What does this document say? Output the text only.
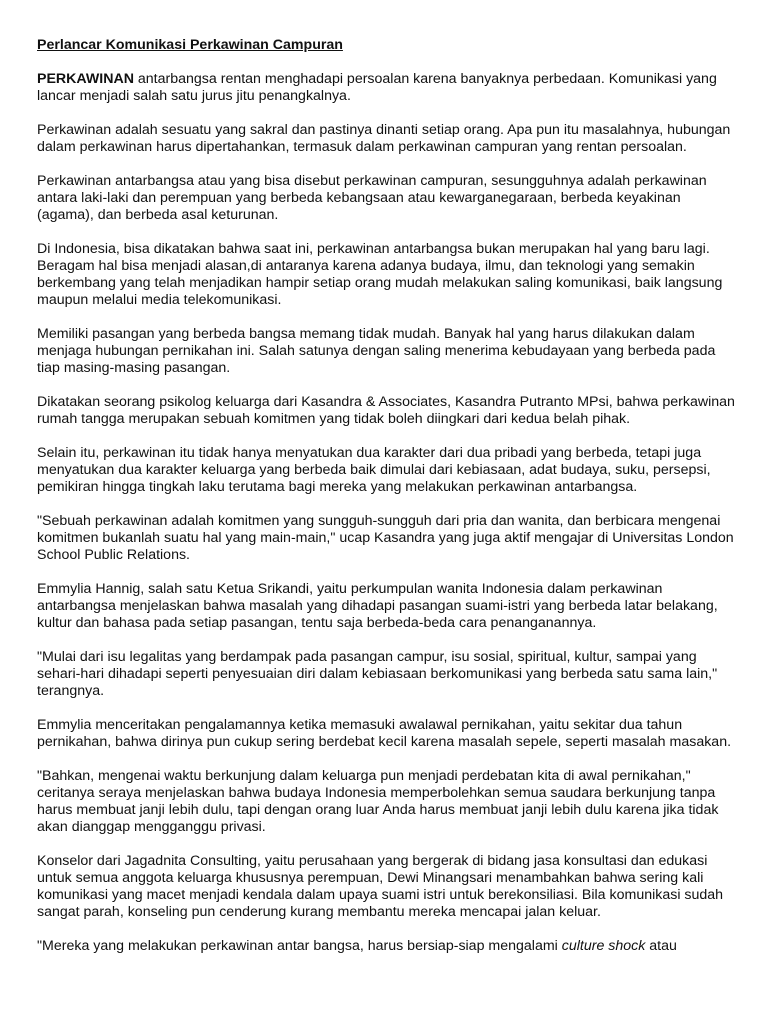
Perlancar Komunikasi Perkawinan Campuran

PERKAWINAN antarbangsa rentan menghadapi persoalan karena banyaknya perbedaan. Komunikasi yang lancar menjadi salah satu jurus jitu penangkalnya.

Perkawinan adalah sesuatu yang sakral dan pastinya dinanti setiap orang. Apa pun itu masalahnya, hubungan dalam perkawinan harus dipertahankan, termasuk dalam perkawinan campuran yang rentan persoalan.

Perkawinan antarbangsa atau yang bisa disebut perkawinan campuran, sesungguhnya adalah perkawinan antara laki-laki dan perempuan yang berbeda kebangsaan atau kewarganegaraan, berbeda keyakinan (agama), dan berbeda asal keturunan.

Di Indonesia, bisa dikatakan bahwa saat ini, perkawinan antarbangsa bukan merupakan hal yang baru lagi. Beragam hal bisa menjadi alasan,di antaranya karena adanya budaya, ilmu, dan teknologi yang semakin berkembang yang telah menjadikan hampir setiap orang mudah melakukan saling komunikasi, baik langsung maupun melalui media telekomunikasi.

Memiliki pasangan yang berbeda bangsa memang tidak mudah. Banyak hal yang harus dilakukan dalam menjaga hubungan pernikahan ini. Salah satunya dengan saling menerima kebudayaan yang berbeda pada tiap masing-masing pasangan.

Dikatakan seorang psikolog keluarga dari Kasandra & Associates, Kasandra Putranto MPsi, bahwa perkawinan rumah tangga merupakan sebuah komitmen yang tidak boleh diingkari dari kedua belah pihak.

Selain itu, perkawinan itu tidak hanya menyatukan dua karakter dari dua pribadi yang berbeda, tetapi juga menyatukan dua karakter keluarga yang berbeda baik dimulai dari kebiasaan, adat budaya, suku, persepsi, pemikiran hingga tingkah laku terutama bagi mereka yang melakukan perkawinan antarbangsa.

"Sebuah perkawinan adalah komitmen yang sungguh-sungguh dari pria dan wanita, dan berbicara mengenai komitmen bukanlah suatu hal yang main-main," ucap Kasandra yang juga aktif mengajar di Universitas London School Public Relations.

Emmylia Hannig, salah satu Ketua Srikandi, yaitu perkumpulan wanita Indonesia dalam perkawinan antarbangsa menjelaskan bahwa masalah yang dihadapi pasangan suami-istri yang berbeda latar belakang, kultur dan bahasa pada setiap pasangan, tentu saja berbeda-beda cara penanganannya.

"Mulai dari isu legalitas yang berdampak pada pasangan campur, isu sosial, spiritual, kultur, sampai yang sehari-hari dihadapi seperti penyesuaian diri dalam kebiasaan berkomunikasi yang berbeda satu sama lain," terangnya.

Emmylia menceritakan pengalamannya ketika memasuki awalawal pernikahan, yaitu sekitar dua tahun pernikahan, bahwa dirinya pun cukup sering berdebat kecil karena masalah sepele, seperti masalah masakan.

"Bahkan, mengenai waktu berkunjung dalam keluarga pun menjadi perdebatan kita di awal pernikahan," ceritanya seraya menjelaskan bahwa budaya Indonesia memperbolehkan semua saudara berkunjung tanpa harus membuat janji lebih dulu, tapi dengan orang luar Anda harus membuat janji lebih dulu karena jika tidak akan dianggap mengganggu privasi.

Konselor dari Jagadnita Consulting, yaitu perusahaan yang bergerak di bidang jasa konsultasi dan edukasi untuk semua anggota keluarga khususnya perempuan, Dewi Minangsari menambahkan bahwa sering kali komunikasi yang macet menjadi kendala dalam upaya suami istri untuk berekonsiliasi. Bila komunikasi sudah sangat parah, konseling pun cenderung kurang membantu mereka mencapai jalan keluar.

"Mereka yang melakukan perkawinan antar bangsa, harus bersiap-siap mengalami culture shock atau
